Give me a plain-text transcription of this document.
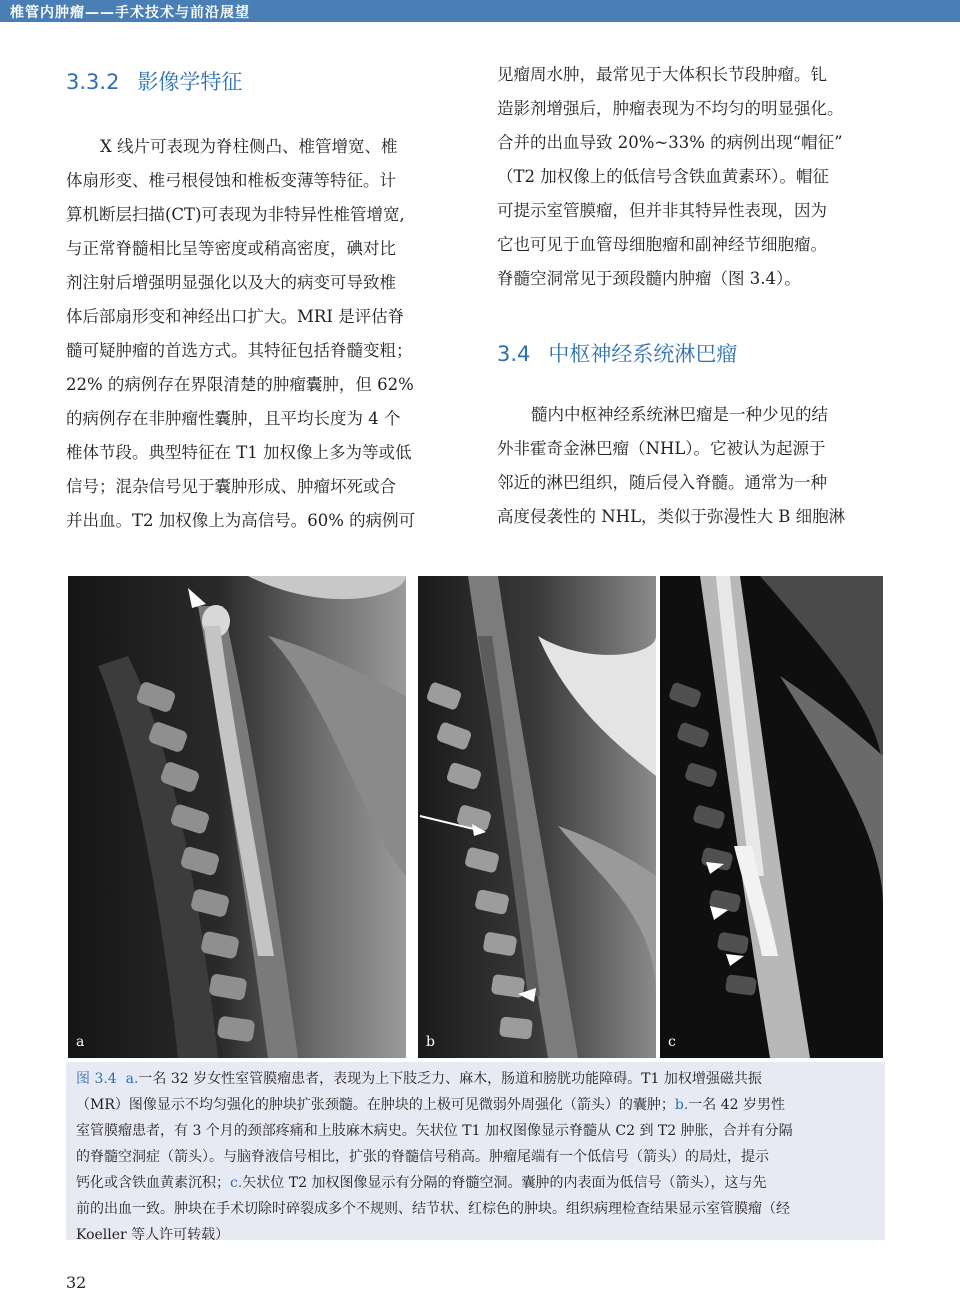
椎管内肿瘤——手术技术与前沿展望
3.3.2 影像学特征

X 线片可表现为脊柱侧凸、椎管增宽、椎

体扇形变、椎弓根侵蚀和椎板变薄等特征。计

算机断层扫描(CT)可表现为非特异性椎管增宽,

与正常脊髓相比呈等密度或稍高密度，碘对比

剂注射后增强明显强化以及大的病变可导致椎

体后部扇形变和神经出口扩大。MRI 是评估脊

髓可疑肿瘤的首选方式。其特征包括脊髓变粗；

22% 的病例存在界限清楚的肿瘤囊肿，但 62%

的病例存在非肿瘤性囊肿，且平均长度为 4 个

椎体节段。典型特征在 T1 加权像上多为等或低

信号；混杂信号见于囊肿形成、肿瘤坏死或合

并出血。T2 加权像上为高信号。60% 的病例可

见瘤周水肿，最常见于大体积长节段肿瘤。钆

造影剂增强后，肿瘤表现为不均匀的明显强化。

合并的出血导致 20%~33% 的病例出现“帽征”

（T2 加权像上的低信号含铁血黄素环）。帽征

可提示室管膜瘤，但并非其特异性表现，因为

它也可见于血管母细胞瘤和副神经节细胞瘤。

脊髓空洞常见于颈段髓内肿瘤（图 3.4）。

3.4 中枢神经系统淋巴瘤

髓内中枢神经系统淋巴瘤是一种少见的结

外非霍奇金淋巴瘤（NHL）。它被认为起源于

邻近的淋巴组织，随后侵入脊髓。通常为一种

高度侵袭性的 NHL，类似于弥漫性大 B 细胞淋

a	b	c

图 3.4 a.一名 32 岁女性室管膜瘤患者，表现为上下肢乏力、麻木，肠道和膀胱功能障碍。T1 加权增强磁共振

（MR）图像显示不均匀强化的肿块扩张颈髓。在肿块的上极可见微弱外周强化（箭头）的囊肿；b.一名 42 岁男性

室管膜瘤患者，有 3 个月的颈部疼痛和上肢麻木病史。矢状位 T1 加权图像显示脊髓从 C2 到 T2 肿胀，合并有分隔

的脊髓空洞症（箭头）。与脑脊液信号相比，扩张的脊髓信号稍高。肿瘤尾端有一个低信号（箭头）的局灶，提示

钙化或含铁血黄素沉积；c.矢状位 T2 加权图像显示有分隔的脊髓空洞。囊肿的内表面为低信号（箭头），这与先

前的出血一致。肿块在手术切除时碎裂成多个不规则、结节状、红棕色的肿块。组织病理检查结果显示室管膜瘤（经

Koeller 等人许可转载）

32
